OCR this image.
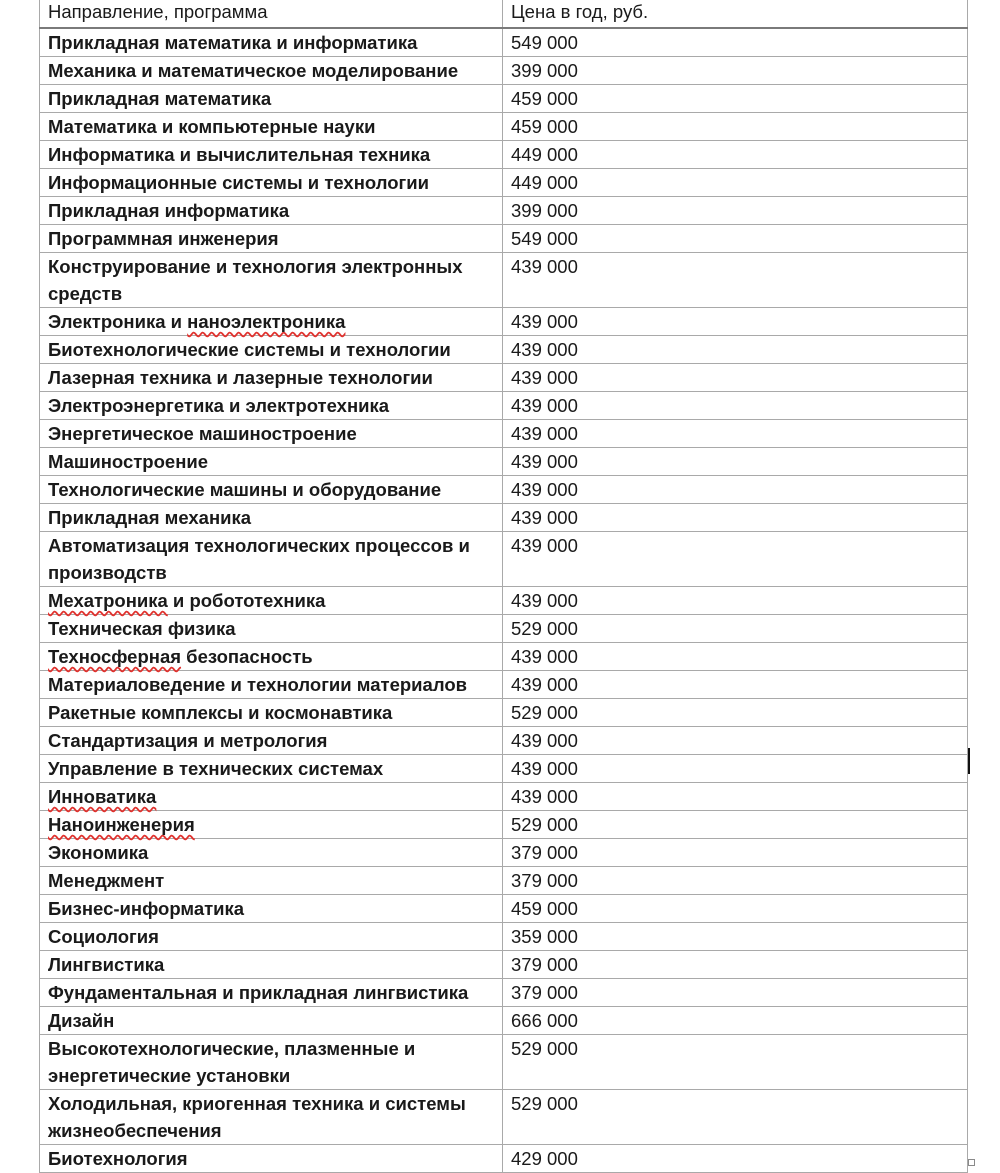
Направление, программа	Цена в год, руб.
Прикладная математика и информатика	549 000
Механика и математическое моделирование	399 000
Прикладная математика	459 000
Математика и компьютерные науки	459 000
Информатика и вычислительная техника	449 000
Информационные системы и технологии	449 000
Прикладная информатика	399 000
Программная инженерия	549 000
Конструирование и технология электронных средств	439 000
Электроника и наноэлектроника	439 000
Биотехнологические системы и технологии	439 000
Лазерная техника и лазерные технологии	439 000
Электроэнергетика и электротехника	439 000
Энергетическое машиностроение	439 000
Машиностроение	439 000
Технологические машины и оборудование	439 000
Прикладная механика	439 000
Автоматизация технологических процессов и производств	439 000
Мехатроника и робототехника	439 000
Техническая физика	529 000
Техносферная безопасность	439 000
Материаловедение и технологии материалов	439 000
Ракетные комплексы и космонавтика	529 000
Стандартизация и метрология	439 000
Управление в технических системах	439 000
Инноватика	439 000
Наноинженерия	529 000
Экономика	379 000
Менеджмент	379 000
Бизнес-информатика	459 000
Социология	359 000
Лингвистика	379 000
Фундаментальная и прикладная лингвистика	379 000
Дизайн	666 000
Высокотехнологические, плазменные и энергетические установки	529 000
Холодильная, криогенная техника и системы жизнеобеспечения	529 000
Биотехнология	429 000
